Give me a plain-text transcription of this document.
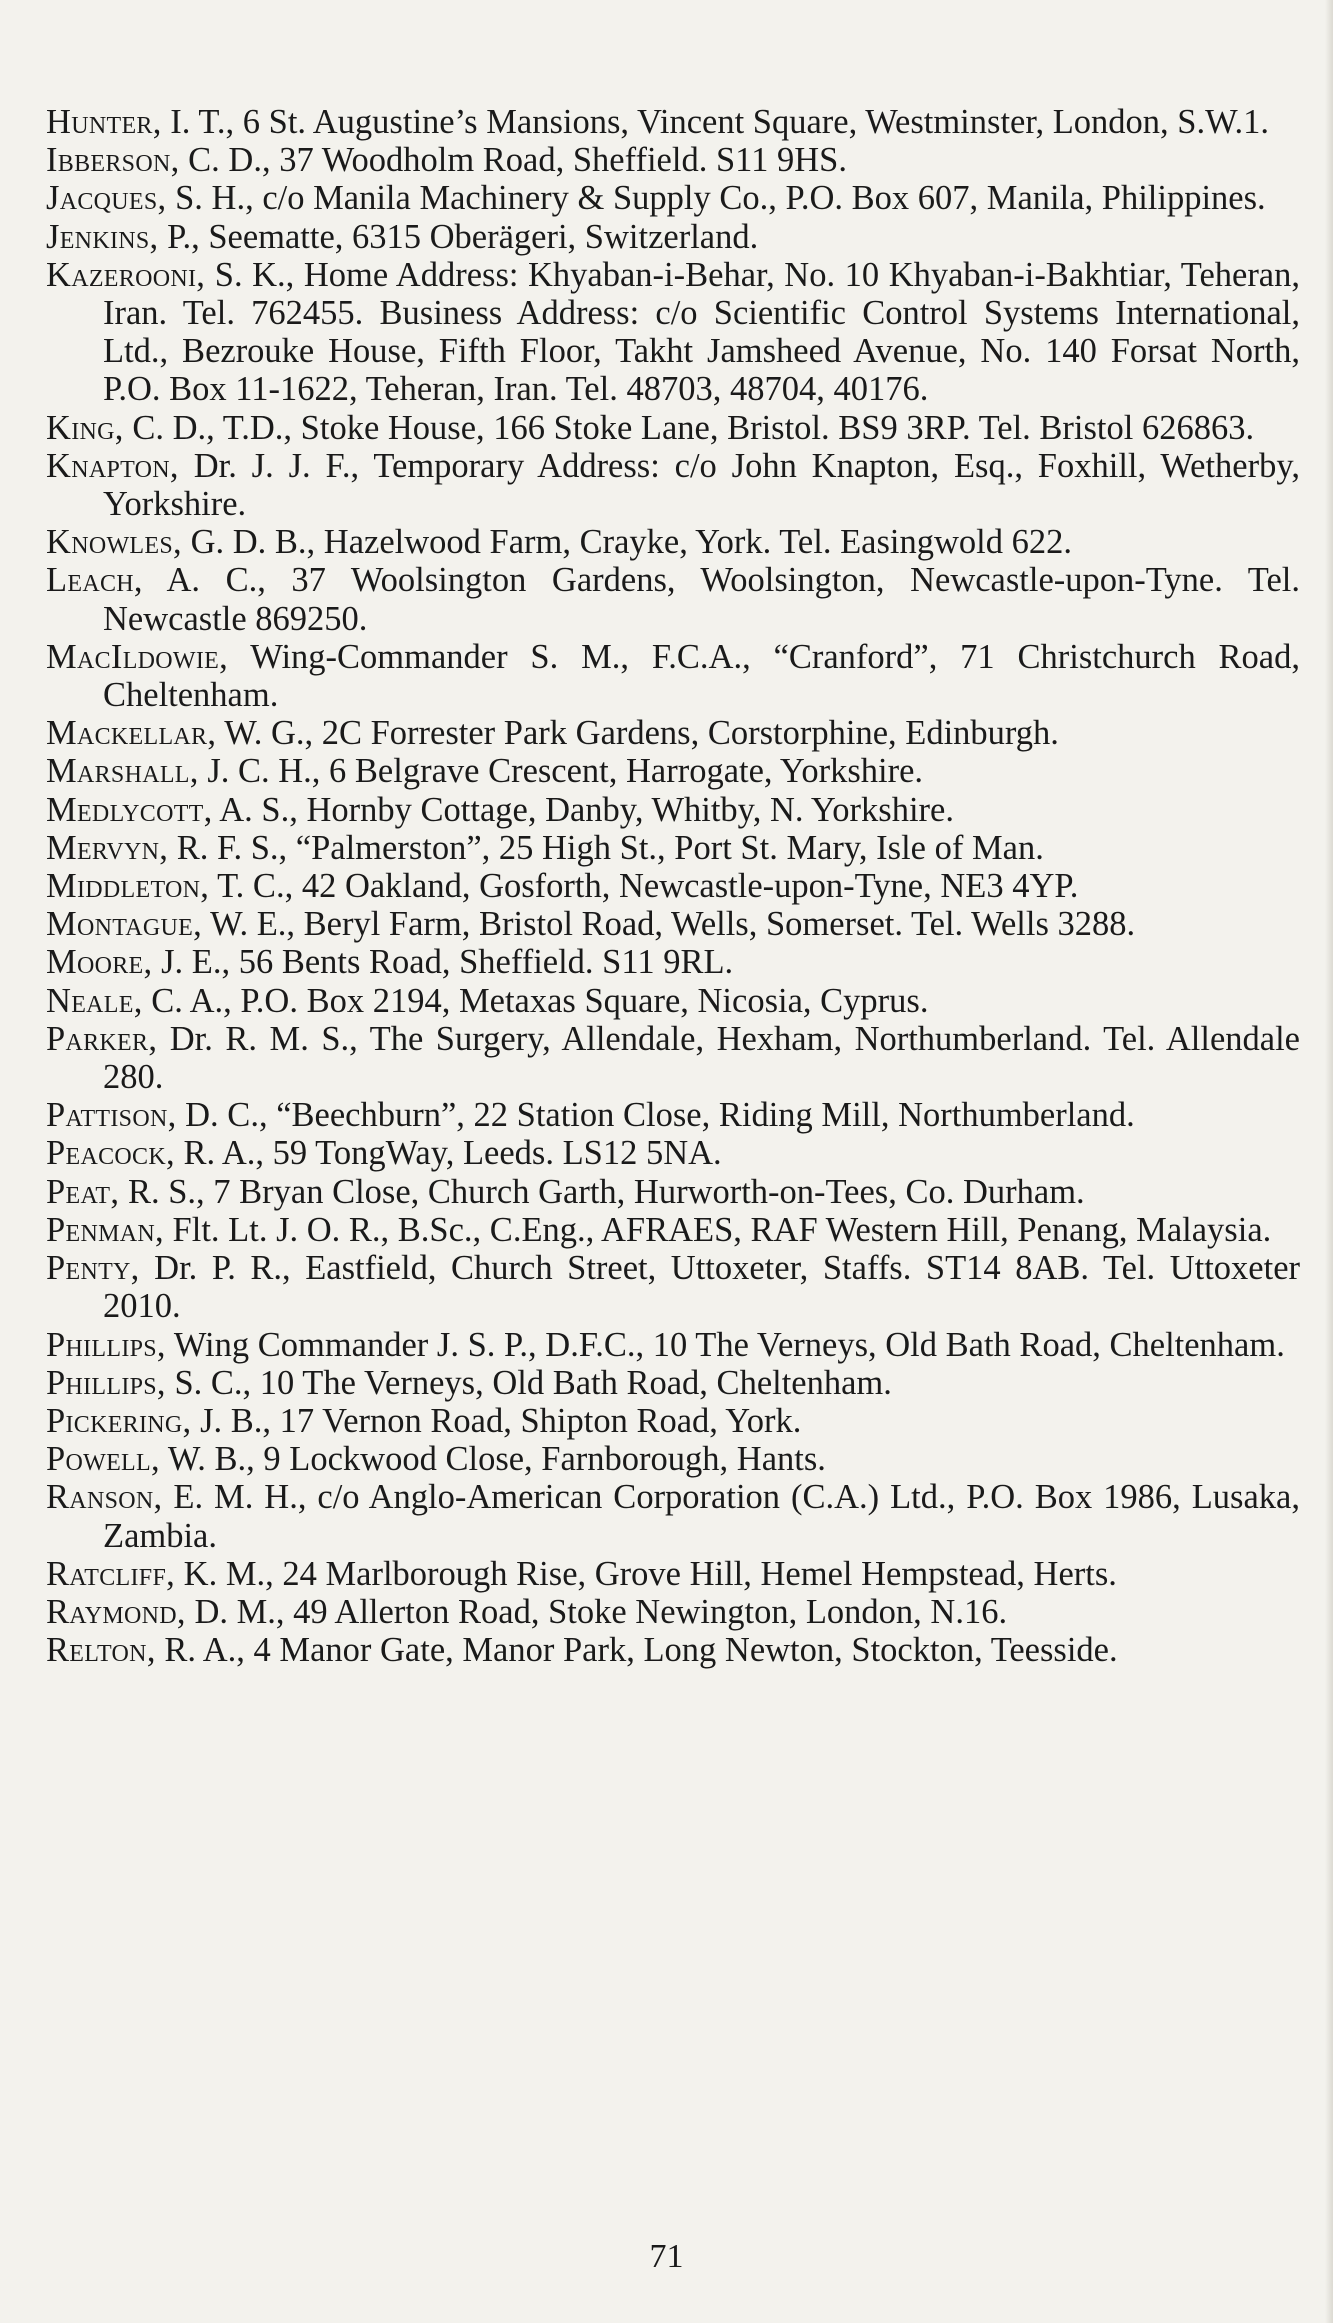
Hunter, I. T., 6 St. Augustine’s Mansions, Vincent Square, Westminster, London, S.W.1.

Ibberson, C. D., 37 Woodholm Road, Sheffield. S11 9HS.

Jacques, S. H., c/o Manila Machinery & Supply Co., P.O. Box 607, Manila, Philippines.

Jenkins, P., Seematte, 6315 Oberägeri, Switzerland.

Kazerooni, S. K., Home Address: Khyaban-i-Behar, No. 10 Khyaban-i-Bakhtiar, Teheran, Iran. Tel. 762455. Business Address: c/o Scientific Control Systems International, Ltd., Bezrouke House, Fifth Floor, Takht Jamsheed Avenue, No. 140 Forsat North, P.O. Box 11-1622, Teheran, Iran. Tel. 48703, 48704, 40176.

King, C. D., T.D., Stoke House, 166 Stoke Lane, Bristol. BS9 3RP. Tel. Bristol 626863.

Knapton, Dr. J. J. F., Temporary Address: c/o John Knapton, Esq., Foxhill, Wetherby, Yorkshire.

Knowles, G. D. B., Hazelwood Farm, Crayke, York. Tel. Easingwold 622.

Leach, A. C., 37 Woolsington Gardens, Woolsington, Newcastle-upon-Tyne. Tel. Newcastle 869250.

MacIldowie, Wing-Commander S. M., F.C.A., “Cranford”, 71 Christchurch Road, Cheltenham.

Mackellar, W. G., 2C Forrester Park Gardens, Corstorphine, Edinburgh.

Marshall, J. C. H., 6 Belgrave Crescent, Harrogate, Yorkshire.

Medlycott, A. S., Hornby Cottage, Danby, Whitby, N. Yorkshire.

Mervyn, R. F. S., “Palmerston”, 25 High St., Port St. Mary, Isle of Man.

Middleton, T. C., 42 Oakland, Gosforth, Newcastle-upon-Tyne, NE3 4YP.

Montague, W. E., Beryl Farm, Bristol Road, Wells, Somerset. Tel. Wells 3288.

Moore, J. E., 56 Bents Road, Sheffield. S11 9RL.

Neale, C. A., P.O. Box 2194, Metaxas Square, Nicosia, Cyprus.

Parker, Dr. R. M. S., The Surgery, Allendale, Hexham, Northumberland. Tel. Allendale 280.

Pattison, D. C., “Beechburn”, 22 Station Close, Riding Mill, Northumberland.

Peacock, R. A., 59 TongWay, Leeds. LS12 5NA.

Peat, R. S., 7 Bryan Close, Church Garth, Hurworth-on-Tees, Co. Durham.

Penman, Flt. Lt. J. O. R., B.Sc., C.Eng., AFRAES, RAF Western Hill, Penang, Malaysia.

Penty, Dr. P. R., Eastfield, Church Street, Uttoxeter, Staffs. ST14 8AB. Tel. Uttoxeter 2010.

Phillips, Wing Commander J. S. P., D.F.C., 10 The Verneys, Old Bath Road, Cheltenham.

Phillips, S. C., 10 The Verneys, Old Bath Road, Cheltenham.

Pickering, J. B., 17 Vernon Road, Shipton Road, York.

Powell, W. B., 9 Lockwood Close, Farnborough, Hants.

Ranson, E. M. H., c/o Anglo-American Corporation (C.A.) Ltd., P.O. Box 1986, Lusaka, Zambia.

Ratcliff, K. M., 24 Marlborough Rise, Grove Hill, Hemel Hempstead, Herts.

Raymond, D. M., 49 Allerton Road, Stoke Newington, London, N.16.

Relton, R. A., 4 Manor Gate, Manor Park, Long Newton, Stockton, Teesside.

71
